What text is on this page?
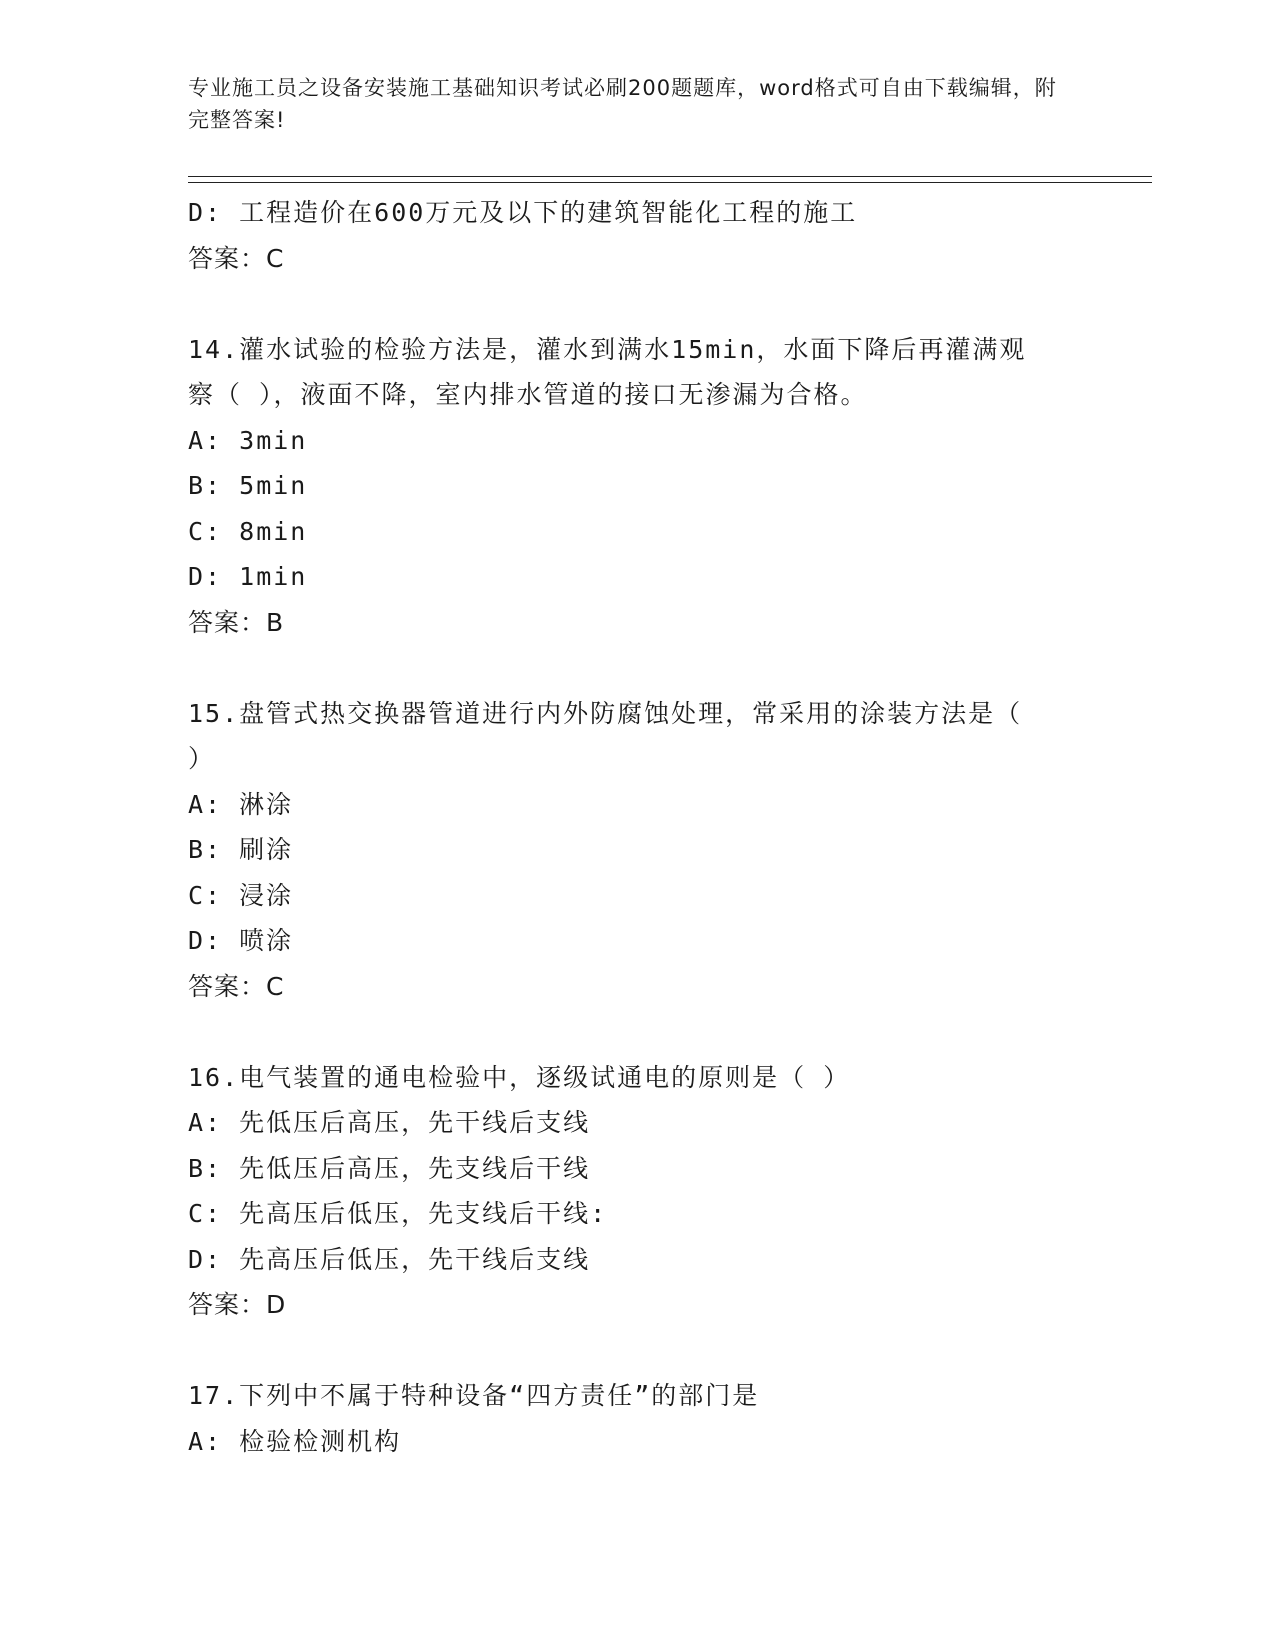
专业施工员之设备安装施工基础知识考试必刷200题题库，word格式可自由下载编辑，附完整答案!
D: 工程造价在600万元及以下的建筑智能化工程的施工
答案：C
14.灌水试验的检验方法是，灌水到满水15min，水面下降后再灌满观
察（ ），液面不降，室内排水管道的接口无渗漏为合格。
A: 3min
B: 5min
C: 8min
D: 1min
答案：B
15.盘管式热交换器管道进行内外防腐蚀处理，常采用的涂装方法是（
）
A: 淋涂
B: 刷涂
C: 浸涂
D: 喷涂
答案：C
16.电气装置的通电检验中，逐级试通电的原则是（ ）
A: 先低压后高压，先干线后支线
B: 先低压后高压，先支线后干线
C: 先高压后低压，先支线后干线:
D: 先高压后低压，先干线后支线
答案：D
17.下列中不属于特种设备“四方责任”的部门是
A: 检验检测机构
